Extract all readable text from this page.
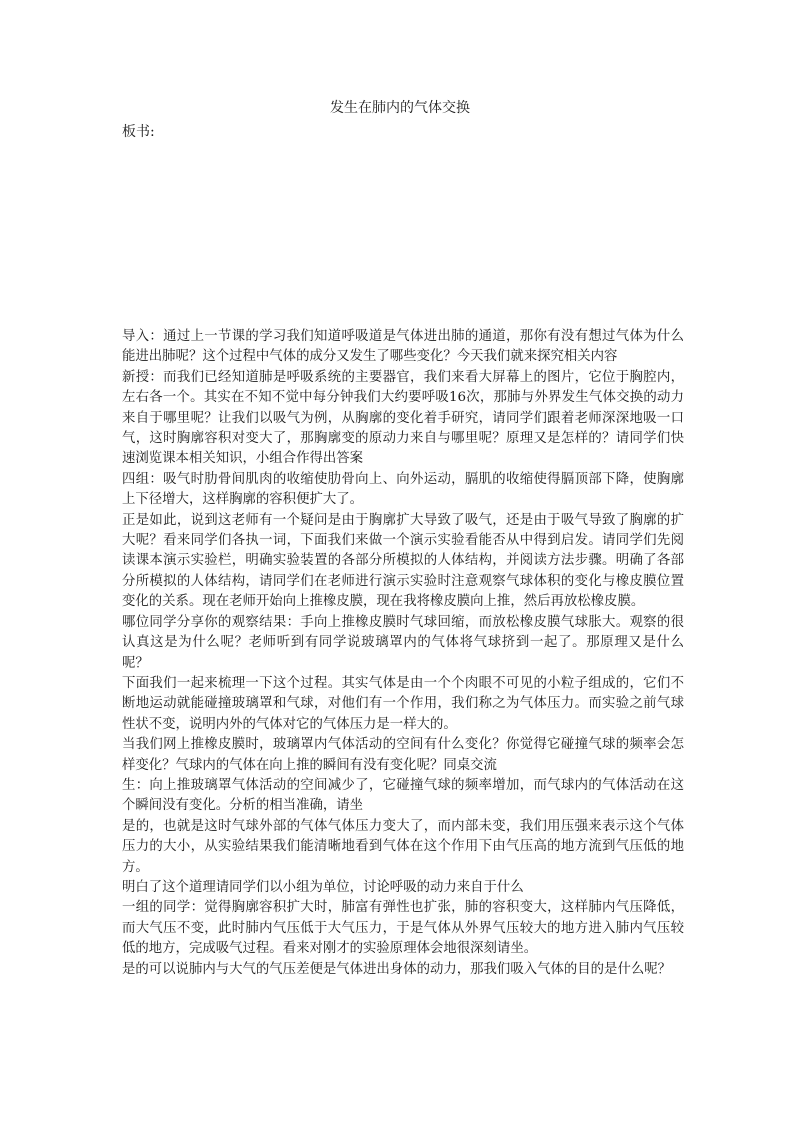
发生在肺内的气体交换
板书:

导入：通过上一节课的学习我们知道呼吸道是气体进出肺的通道，那你有没有想过气体为什么能进出肺呢？这个过程中气体的成分又发生了哪些变化？今天我们就来探究相关内容

新授：而我们已经知道肺是呼吸系统的主要器官，我们来看大屏幕上的图片，它位于胸腔内，左右各一个。其实在不知不觉中每分钟我们大约要呼吸16次，那肺与外界发生气体交换的动力来自于哪里呢？让我们以吸气为例，从胸廓的变化着手研究，请同学们跟着老师深深地吸一口气，这时胸廓容积对变大了，那胸廓变的原动力来自与哪里呢？原理又是怎样的？请同学们快速浏览课本相关知识，小组合作得出答案

四组：吸气时肋骨间肌肉的收缩使肋骨向上、向外运动，膈肌的收缩使得膈顶部下降，使胸廓上下径增大，这样胸廓的容积便扩大了。

正是如此，说到这老师有一个疑问是由于胸廓扩大导致了吸气，还是由于吸气导致了胸廓的扩大呢？看来同学们各执一词，下面我们来做一个演示实验看能否从中得到启发。请同学们先阅读课本演示实验栏，明确实验装置的各部分所模拟的人体结构，并阅读方法步骤。明确了各部分所模拟的人体结构，请同学们在老师进行演示实验时注意观察气球体积的变化与橡皮膜位置变化的关系。现在老师开始向上推橡皮膜，现在我将橡皮膜向上推，然后再放松橡皮膜。

哪位同学分享你的观察结果：手向上推橡皮膜时气球回缩，而放松橡皮膜气球胀大。观察的很认真这是为什么呢？老师听到有同学说玻璃罩内的气体将气球挤到一起了。那原理又是什么呢？

下面我们一起来梳理一下这个过程。其实气体是由一个个肉眼不可见的小粒子组成的，它们不断地运动就能碰撞玻璃罩和气球，对他们有一个作用，我们称之为气体压力。而实验之前气球性状不变，说明内外的气体对它的气体压力是一样大的。

当我们网上推橡皮膜时，玻璃罩内气体活动的空间有什么变化？你觉得它碰撞气球的频率会怎样变化？气球内的气体在向上推的瞬间有没有变化呢？同桌交流

生：向上推玻璃罩气体活动的空间减少了，它碰撞气球的频率增加，而气球内的气体活动在这个瞬间没有变化。分析的相当准确，请坐

是的，也就是这时气球外部的气体气体压力变大了，而内部未变，我们用压强来表示这个气体压力的大小，从实验结果我们能清晰地看到气体在这个作用下由气压高的地方流到气压低的地方。

明白了这个道理请同学们以小组为单位，讨论呼吸的动力来自于什么

一组的同学：觉得胸廓容积扩大时，肺富有弹性也扩张，肺的容积变大，这样肺内气压降低，而大气压不变，此时肺内气压低于大气压力，于是气体从外界气压较大的地方进入肺内气压较低的地方，完成吸气过程。看来对刚才的实验原理体会地很深刻请坐。

是的可以说肺内与大气的气压差便是气体进出身体的动力，那我们吸入气体的目的是什么呢？
